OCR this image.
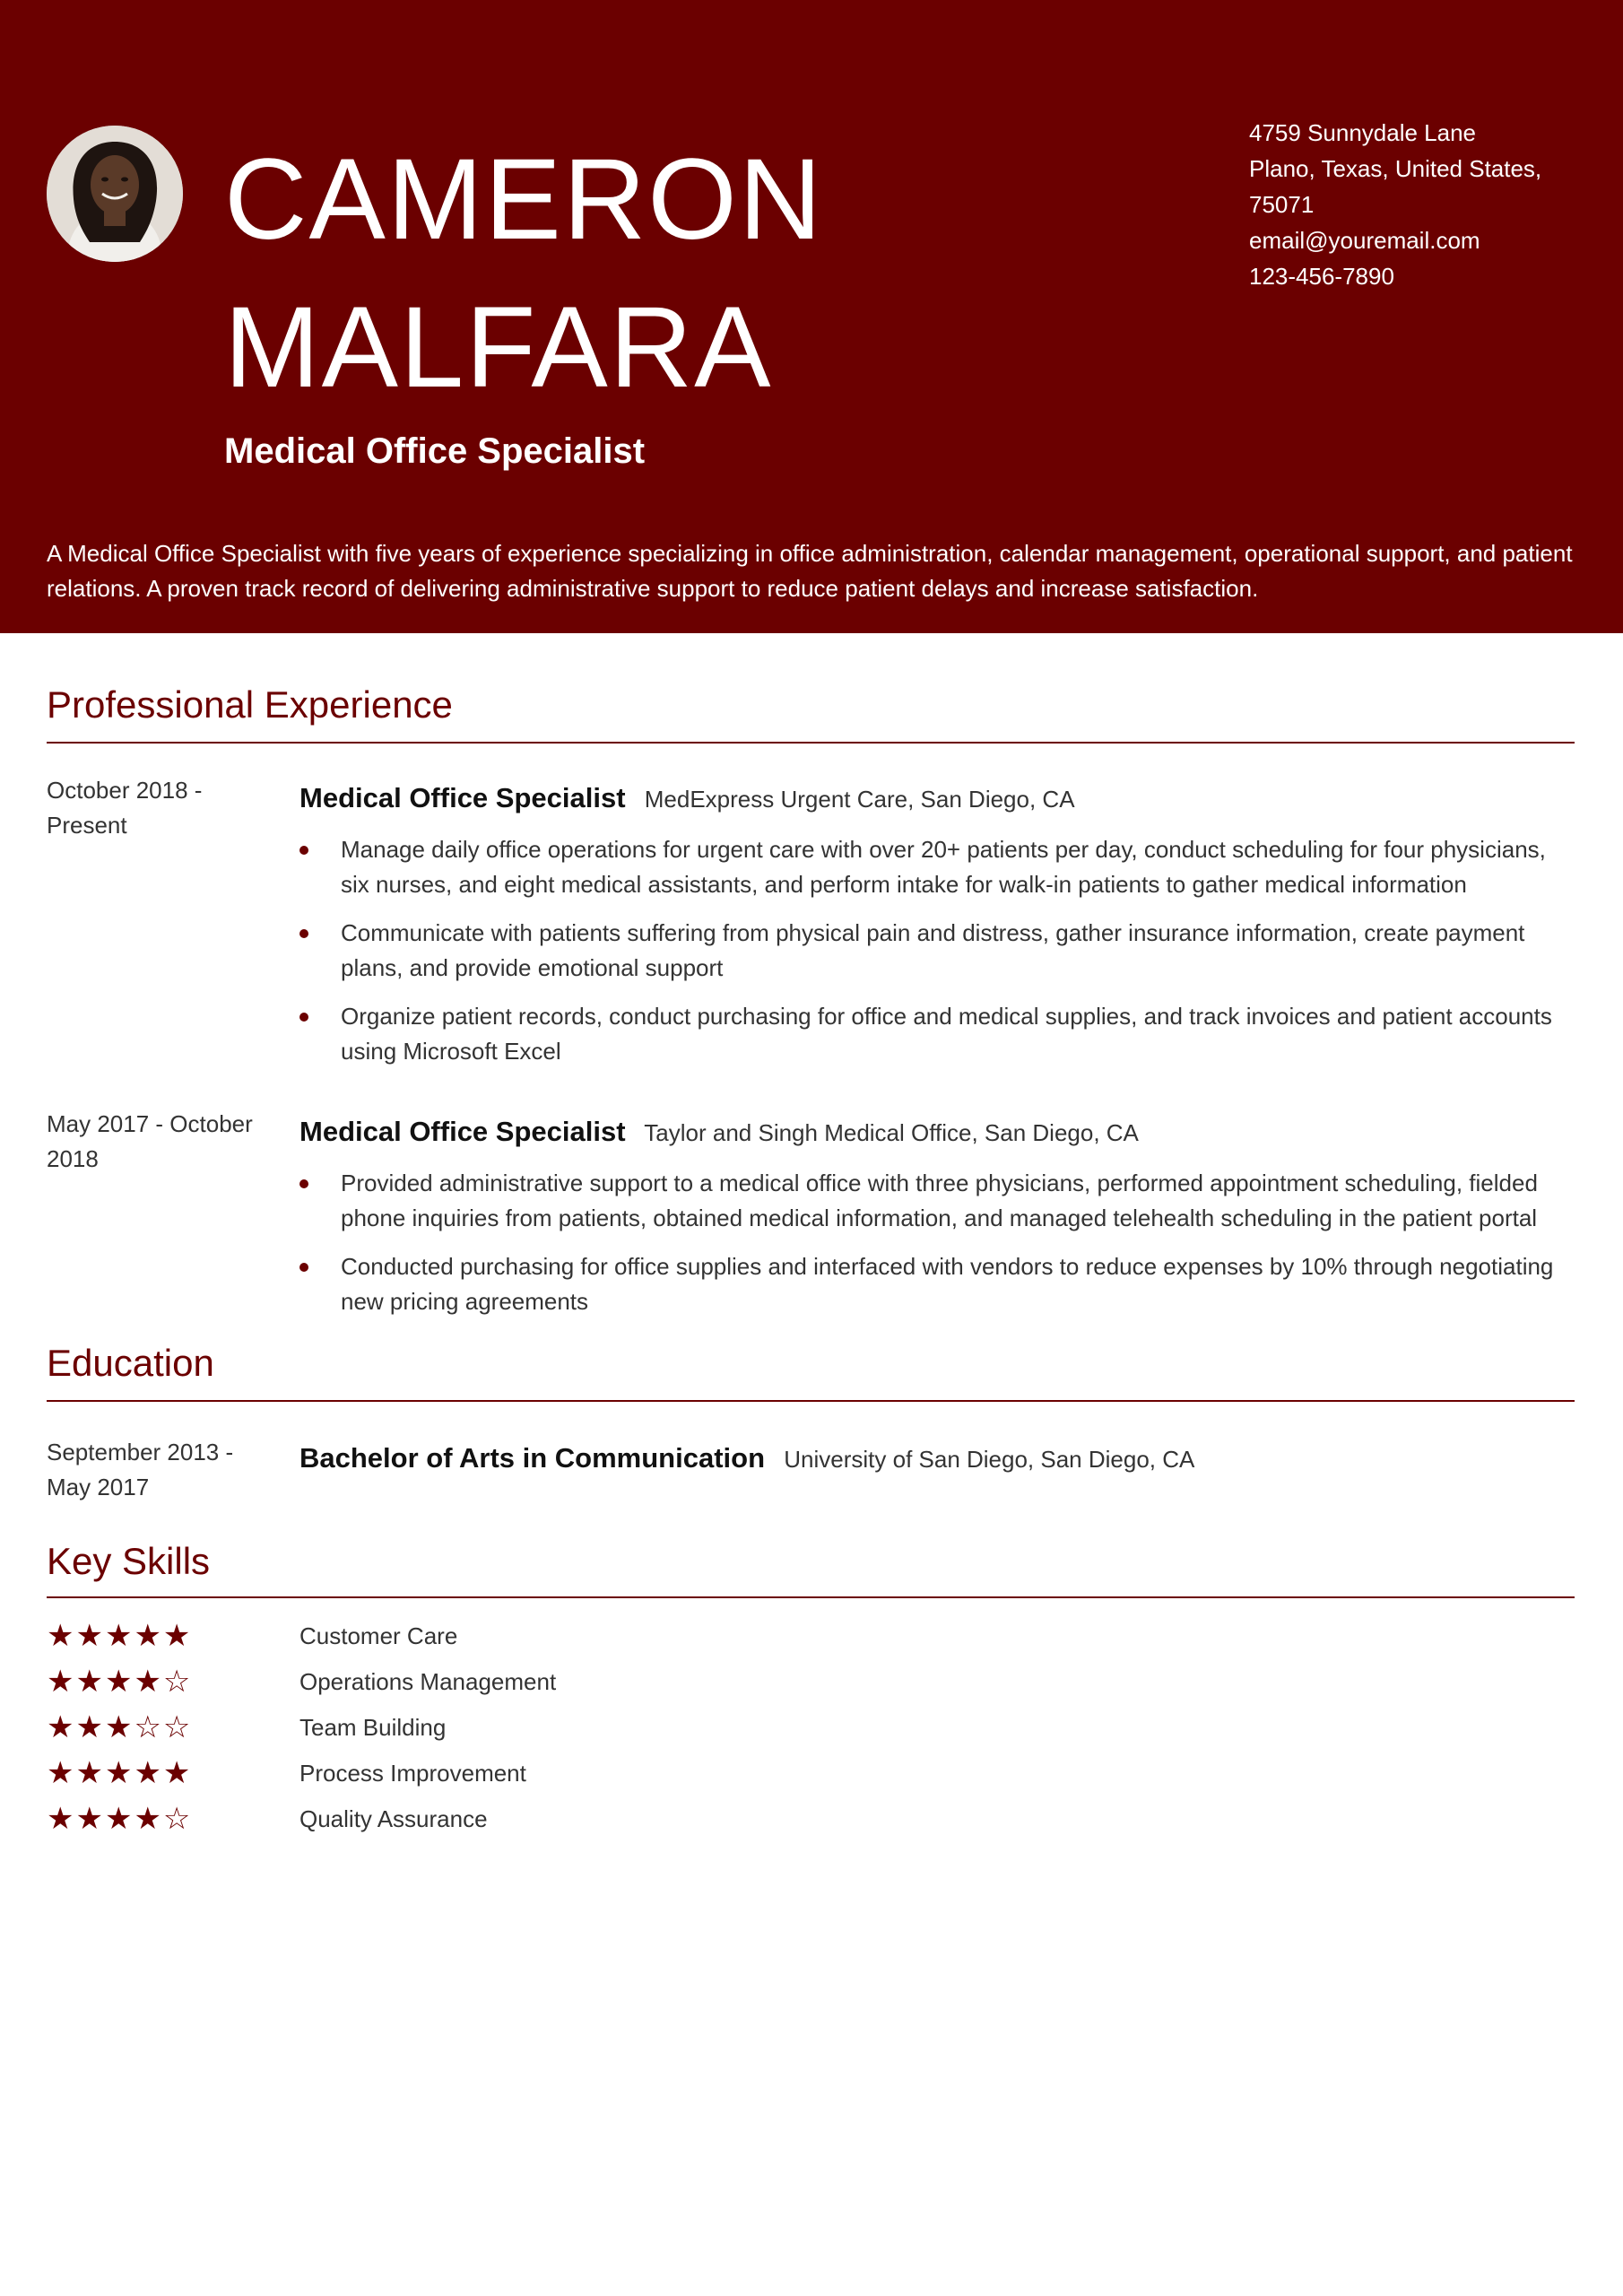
CAMERON
MALFARA
Medical Office Specialist
4759 Sunnydale Lane
Plano, Texas, United States,
75071
email@youremail.com
123-456-7890

A Medical Office Specialist with five years of experience specializing in office administration, calendar management, operational support, and patient relations. A proven track record of delivering administrative support to reduce patient delays and increase satisfaction.

Professional Experience
October 2018 - Present
Medical Office Specialist MedExpress Urgent Care, San Diego, CA
Manage daily office operations for urgent care with over 20+ patients per day, conduct scheduling for four physicians, six nurses, and eight medical assistants, and perform intake for walk-in patients to gather medical information
Communicate with patients suffering from physical pain and distress, gather insurance information, create payment plans, and provide emotional support
Organize patient records, conduct purchasing for office and medical supplies, and track invoices and patient accounts using Microsoft Excel
May 2017 - October 2018
Medical Office Specialist Taylor and Singh Medical Office, San Diego, CA
Provided administrative support to a medical office with three physicians, performed appointment scheduling, fielded phone inquiries from patients, obtained medical information, and managed telehealth scheduling in the patient portal
Conducted purchasing for office supplies and interfaced with vendors to reduce expenses by 10% through negotiating new pricing agreements
Education
September 2013 - May 2017
Bachelor of Arts in Communication University of San Diego, San Diego, CA
Key Skills
★★★★★	Customer Care
★★★★☆	Operations Management
★★★☆☆	Team Building
★★★★★	Process Improvement
★★★★☆	Quality Assurance
